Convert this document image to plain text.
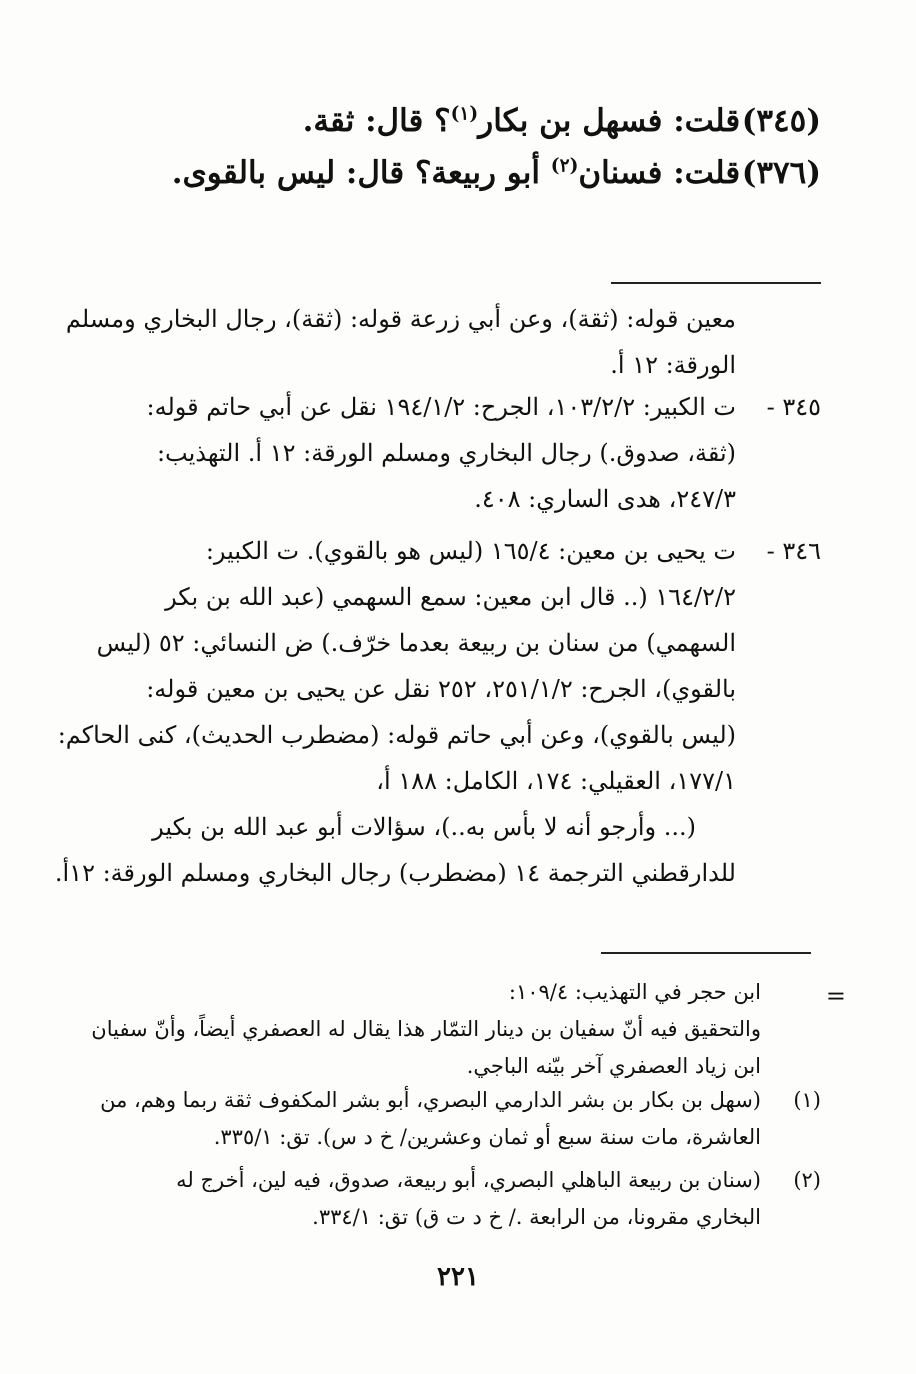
(٣٤٥) قلت: فسهل بن بكار$^{(١)}$؟ قال: ثقة.
(٣٧٦) قلت: فسنان$^{(٢)}$ أبو ربيعة؟ قال: ليس بالقوى.
معين قوله: (ثقة)، وعن أبي زرعة قوله: (ثقة)، رجال البخاري ومسلم
الورقة: ١٢ أ.
٣٤٥ -
ت الكبير: ١٠٣/٢/٢، الجرح: ١٩٤/١/٢ نقل عن أبي حاتم قوله:
(ثقة، صدوق.) رجال البخاري ومسلم الورقة: ١٢ أ. التهذيب:
٢٤٧/٣، هدى الساري: ٤٠٨.
٣٤٦ -
ت يحيى بن معين: ١٦٥/٤ (ليس هو بالقوي). ت الكبير:
١٦٤/٢/٢ (.. قال ابن معين: سمع السهمي (عبد الله بن بكر
السهمي) من سنان بن ربيعة بعدما خرّف.) ض النسائي: ٥٢ (ليس
بالقوي)، الجرح: ٢٥١/١/٢، ٢٥٢ نقل عن يحيى بن معين قوله:
(ليس بالقوي)، وعن أبي حاتم قوله: (مضطرب الحديث)، كنى الحاكم:
١٧٧/١، العقيلي: ١٧٤، الكامل: ١٨٨ أ،
(... وأرجو أنه لا بأس به..)، سؤالات أبو عبد الله بن بكير
للدارقطني الترجمة ١٤ (مضطرب) رجال البخاري ومسلم الورقة: ١٢أ.
=
ابن حجر في التهذيب: ١٠٩/٤:
والتحقيق فيه أنّ سفيان بن دينار التمّار هذا يقال له العصفري أيضاً، وأنّ سفيان
ابن زياد العصفري آخر بيّنه الباجي.
(١)
(سهل بن بكار بن بشر الدارمي البصري، أبو بشر المكفوف ثقة ربما وهم، من
العاشرة، مات سنة سبع أو ثمان وعشرين/ خ د س). تق: ٣٣٥/١.
(٢)
(سنان بن ربيعة الباهلي البصري، أبو ربيعة، صدوق، فيه لين، أخرج له
البخاري مقرونا، من الرابعة ./ خ د ت ق) تق: ٣٣٤/١.
٢٢١
